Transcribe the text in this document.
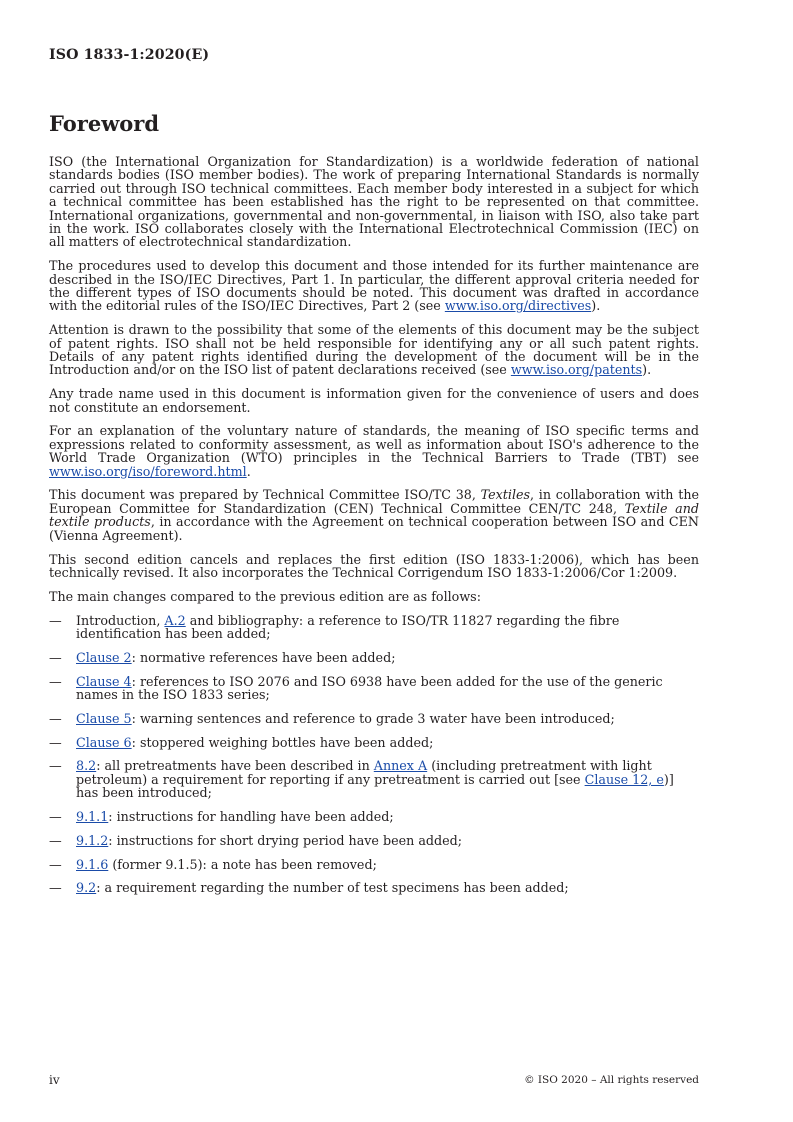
ISO 1833-1:2020(E)
Foreword

ISO (the International Organization for Standardization) is a worldwide federation of national standards bodies (ISO member bodies). The work of preparing International Standards is normally carried out through ISO technical committees. Each member body interested in a subject for which a technical committee has been established has the right to be represented on that committee. International organizations, governmental and non-governmental, in liaison with ISO, also take part in the work. ISO collaborates closely with the International Electrotechnical Commission (IEC) on all matters of electrotechnical standardization.

The procedures used to develop this document and those intended for its further maintenance are described in the ISO/IEC Directives, Part 1. In particular, the different approval criteria needed for the different types of ISO documents should be noted. This document was drafted in accordance with the editorial rules of the ISO/IEC Directives, Part 2 (see www.iso.org/directives).

Attention is drawn to the possibility that some of the elements of this document may be the subject of patent rights. ISO shall not be held responsible for identifying any or all such patent rights. Details of any patent rights identified during the development of the document will be in the Introduction and/or on the ISO list of patent declarations received (see www.iso.org/patents).

Any trade name used in this document is information given for the convenience of users and does not constitute an endorsement.

For an explanation of the voluntary nature of standards, the meaning of ISO specific terms and expressions related to conformity assessment, as well as information about ISO's adherence to the World Trade Organization (WTO) principles in the Technical Barriers to Trade (TBT) see www.iso.org/iso/foreword.html.

This document was prepared by Technical Committee ISO/TC 38, Textiles, in collaboration with the European Committee for Standardization (CEN) Technical Committee CEN/TC 248, Textile and textile products, in accordance with the Agreement on technical cooperation between ISO and CEN (Vienna Agreement).

This second edition cancels and replaces the first edition (ISO 1833-1:2006), which has been technically revised. It also incorporates the Technical Corrigendum ISO 1833-1:2006/Cor 1:2009.

The main changes compared to the previous edition are as follows:

— Introduction, A.2 and bibliography: a reference to ISO/TR 11827 regarding the fibre identification has been added;
— Clause 2: normative references have been added;
— Clause 4: references to ISO 2076 and ISO 6938 have been added for the use of the generic names in the ISO 1833 series;
— Clause 5: warning sentences and reference to grade 3 water have been introduced;
— Clause 6: stoppered weighing bottles have been added;
— 8.2: all pretreatments have been described in Annex A (including pretreatment with light petroleum) a requirement for reporting if any pretreatment is carried out [see Clause 12, e)] has been introduced;
— 9.1.1: instructions for handling have been added;
— 9.1.2: instructions for short drying period have been added;
— 9.1.6 (former 9.1.5): a note has been removed;
— 9.2: a requirement regarding the number of test specimens has been added;
iv	© ISO 2020 – All rights reserved
